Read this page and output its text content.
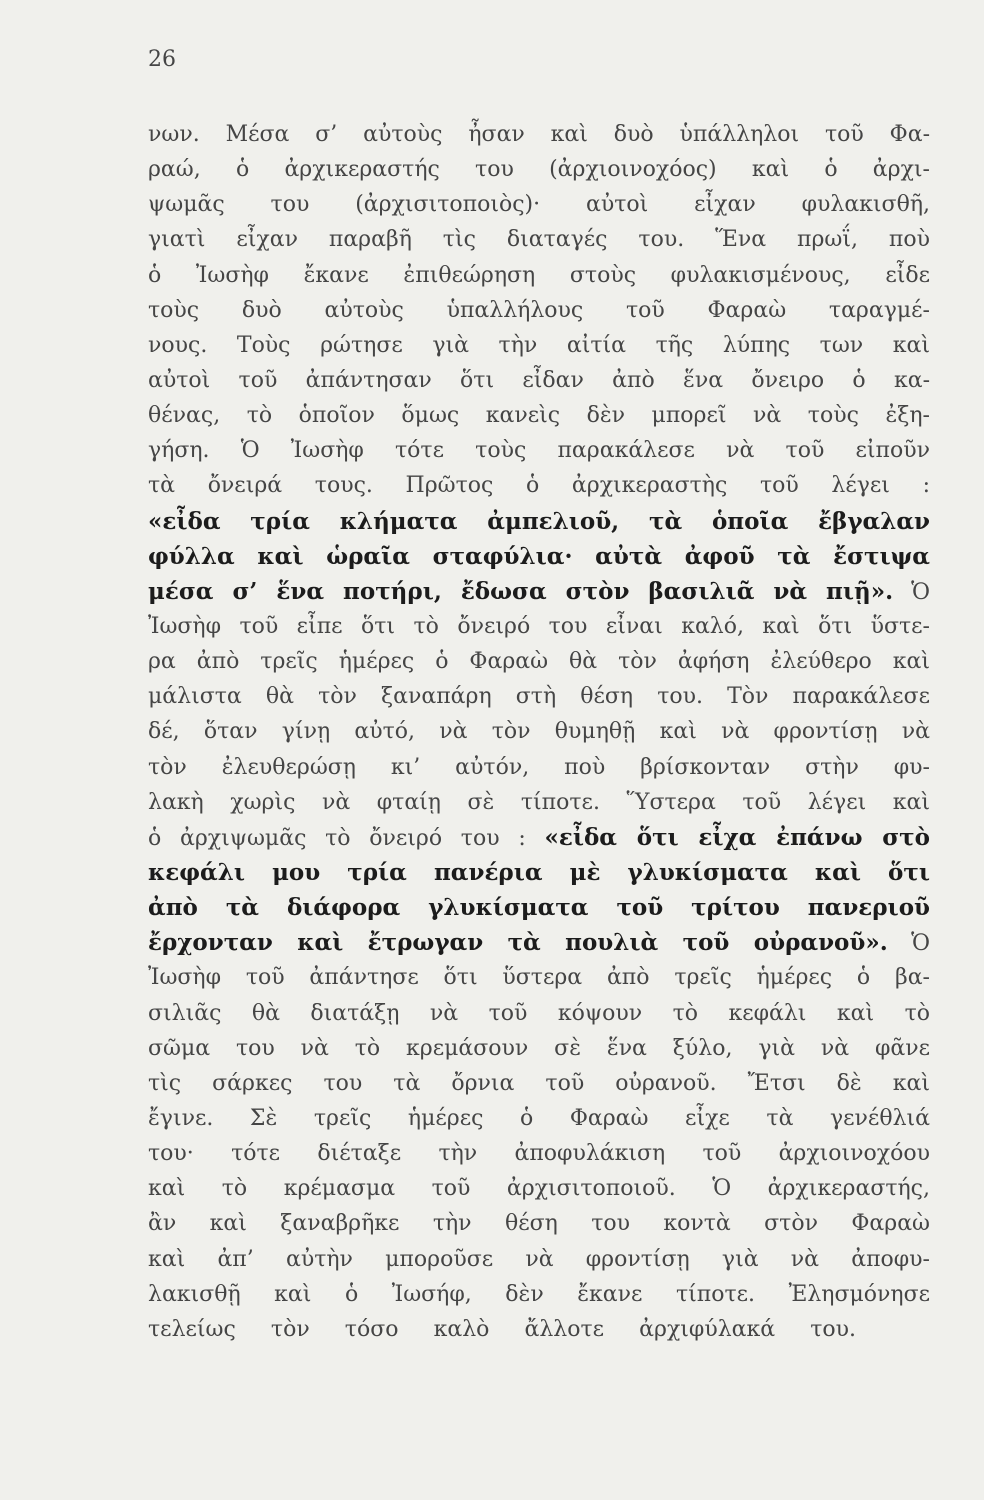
26
νων. Μέσα σ’ αὐτοὺς ἦσαν καὶ δυὸ ὑπάλληλοι τοῦ Φα-
ραώ, ὁ ἀρχικεραστής του (ἀρχιοινοχόος) καὶ ὁ ἀρχι-
ψωμᾶς του (ἀρχισιτοποιὸς)· αὐτοὶ εἶχαν φυλακισθῆ,
γιατὶ εἶχαν παραβῆ τὶς διαταγές του. Ἕνα πρωΐ, ποὺ
ὁ Ἰωσὴφ ἔκανε ἐπιθεώρηση στοὺς φυλακισμένους, εἶδε
τοὺς δυὸ αὐτοὺς ὑπαλλήλους τοῦ Φαραὼ ταραγμέ-
νους. Τοὺς ρώτησε γιὰ τὴν αἰτία τῆς λύπης των καὶ
αὐτοὶ τοῦ ἀπάντησαν ὅτι εἶδαν ἀπὸ ἕνα ὄνειρο ὁ κα-
θένας, τὸ ὁποῖον ὅμως κανεὶς δὲν μπορεῖ νὰ τοὺς ἐξη-
γήση. Ὁ Ἰωσὴφ τότε τοὺς παρακάλεσε νὰ τοῦ εἰποῦν
τὰ ὄνειρά τους. Πρῶτος ὁ ἀρχικεραστὴς τοῦ λέγει :
«εἶδα τρία κλήματα ἀμπελιοῦ, τὰ ὁποῖα ἔβγαλαν
φύλλα καὶ ὡραῖα σταφύλια· αὐτὰ ἀφοῦ τὰ ἔστιψα
μέσα σ’ ἕνα ποτήρι, ἔδωσα στὸν βασιλιᾶ νὰ πιῇ». Ὁ
Ἰωσὴφ τοῦ εἶπε ὅτι τὸ ὄνειρό του εἶναι καλό, καὶ ὅτι ὕστε-
ρα ἀπὸ τρεῖς ἡμέρες ὁ Φαραὼ θὰ τὸν ἀφήση ἐλεύθερο καὶ
μάλιστα θὰ τὸν ξαναπάρη στὴ θέση του. Τὸν παρακάλεσε
δέ, ὅταν γίνῃ αὐτό, νὰ τὸν θυμηθῇ καὶ νὰ φροντίσῃ νὰ
τὸν ἐλευθερώσῃ κι’ αὐτόν, ποὺ βρίσκονταν στὴν φυ-
λακὴ χωρὶς νὰ φταίῃ σὲ τίποτε. Ὕστερα τοῦ λέγει καὶ
ὁ ἀρχιψωμᾶς τὸ ὄνειρό του : «εἶδα ὅτι εἶχα ἐπάνω στὸ
κεφάλι μου τρία πανέρια μὲ γλυκίσματα καὶ ὅτι
ἀπὸ τὰ διάφορα γλυκίσματα τοῦ τρίτου πανεριοῦ
ἔρχονταν καὶ ἔτρωγαν τὰ πουλιὰ τοῦ οὐρανοῦ». Ὁ
Ἰωσὴφ τοῦ ἀπάντησε ὅτι ὕστερα ἀπὸ τρεῖς ἡμέρες ὁ βα-
σιλιᾶς θὰ διατάξῃ νὰ τοῦ κόψουν τὸ κεφάλι καὶ τὸ
σῶμα του νὰ τὸ κρεμάσουν σὲ ἕνα ξύλο, γιὰ νὰ φᾶνε
τὶς σάρκες του τὰ ὄρνια τοῦ οὐρανοῦ. Ἔτσι δὲ καὶ
ἔγινε. Σὲ τρεῖς ἡμέρες ὁ Φαραὼ εἶχε τὰ γενέθλιά
του· τότε διέταξε τὴν ἀποφυλάκιση τοῦ ἀρχιοινοχόου
καὶ τὸ κρέμασμα τοῦ ἀρχισιτοποιοῦ. Ὁ ἀρχικεραστής,
ἂν καὶ ξαναβρῆκε τὴν θέση του κοντὰ στὸν Φαραὼ
καὶ ἀπ’ αὐτὴν μποροῦσε νὰ φροντίσῃ γιὰ νὰ ἀποφυ-
λακισθῇ καὶ ὁ Ἰωσήφ, δὲν ἔκανε τίποτε. Ἐλησμόνησε
τελείως τὸν τόσο καλὸ ἄλλοτε ἀρχιφύλακά του.
